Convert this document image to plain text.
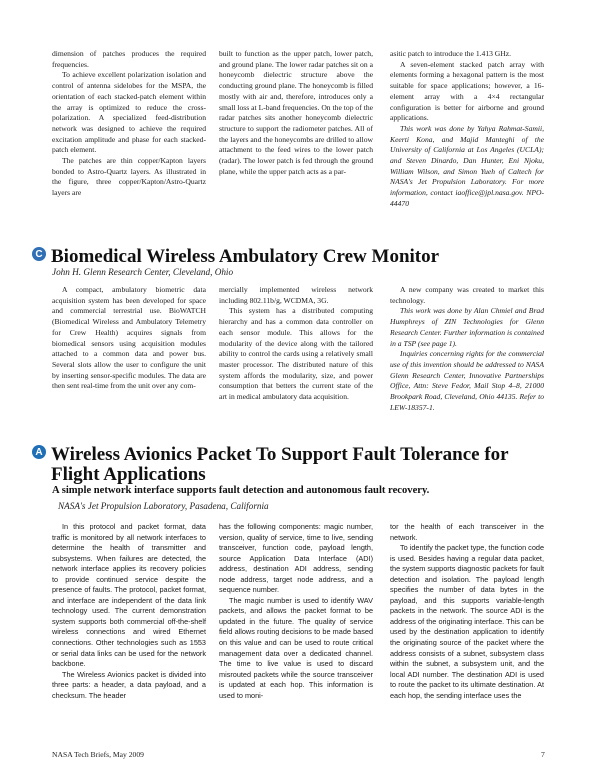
dimension of patches produces the required frequencies.

To achieve excellent polarization isolation and control of antenna sidelobes for the MSPA, the orientation of each stacked-patch element within the array is optimized to reduce the cross-polarization. A specialized feed-distribution network was designed to achieve the required excitation amplitude and phase for each stacked-patch element.

The patches are thin copper/Kapton layers bonded to Astro-Quartz layers. As illustrated in the figure, three copper/Kapton/Astro-Quartz layers are

built to function as the upper patch, lower patch, and ground plane. The lower radar patches sit on a honeycomb dielectric structure above the conducting ground plane. The honeycomb is filled mostly with air and, therefore, introduces only a small loss at L-band frequencies. On the top of the radar patches sits another honeycomb dielectric structure to support the radiometer patches. All of the layers and the honeycombs are drilled to allow attachment to the feed wires to the lower patch (radar). The lower patch is fed through the ground plane, while the upper patch acts as a par-

asitic patch to introduce the 1.413 GHz.

A seven-element stacked patch array with elements forming a hexagonal pattern is the most suitable for space applications; however, a 16-element array with a 4×4 rectangular configuration is better for airborne and ground applications.

This work was done by Yahya Rahmat-Samii, Keerti Kona, and Majid Manteghi of the University of California at Los Angeles (UCLA); and Steven Dinardo, Dan Hunter, Eni Njoku, William Wilson, and Simon Yueh of Caltech for NASA's Jet Propulsion Laboratory. For more information, contact iaoffice@jpl.nasa.gov. NPO-44470

C Biomedical Wireless Ambulatory Crew Monitor
John H. Glenn Research Center, Cleveland, Ohio

A compact, ambulatory biometric data acquisition system has been developed for space and commercial terrestrial use. BioWATCH (Biomedical Wireless and Ambulatory Telemetry for Crew Health) acquires signals from biomedical sensors using acquisition modules attached to a common data and power bus. Several slots allow the user to configure the unit by inserting sensor-specific modules. The data are then sent real-time from the unit over any com-

mercially implemented wireless network including 802.11b/g, WCDMA, 3G.

This system has a distributed computing hierarchy and has a common data controller on each sensor module. This allows for the modularity of the device along with the tailored ability to control the cards using a relatively small master processor. The distributed nature of this system affords the modularity, size, and power consumption that betters the current state of the art in medical ambulatory data acquisition.

A new company was created to market this technology.

This work was done by Alan Chmiel and Brad Humphreys of ZIN Technologies for Glenn Research Center. Further information is contained in a TSP (see page 1).

Inquiries concerning rights for the commercial use of this invention should be addressed to NASA Glenn Research Center, Innovative Partnerships Office, Attn: Steve Fedor, Mail Stop 4–8, 21000 Brookpark Road, Cleveland, Ohio 44135. Refer to LEW-18357-1.

A Wireless Avionics Packet To Support Fault Tolerance for Flight Applications
A simple network interface supports fault detection and autonomous fault recovery.
NASA's Jet Propulsion Laboratory, Pasadena, California

In this protocol and packet format, data traffic is monitored by all network interfaces to determine the health of transmitter and subsystems. When failures are detected, the network interface applies its recovery policies to provide continued service despite the presence of faults. The protocol, packet format, and interface are independent of the data link technology used. The current demonstration system supports both commercial off-the-shelf wireless connections and wired Ethernet connections. Other technologies such as 1553 or serial data links can be used for the network backbone.

The Wireless Avionics packet is divided into three parts: a header, a data payload, and a checksum. The header

has the following components: magic number, version, quality of service, time to live, sending transceiver, function code, payload length, source Application Data Interface (ADI) address, destination ADI address, sending node address, target node address, and a sequence number.

The magic number is used to identify WAV packets, and allows the packet format to be updated in the future. The quality of service field allows routing decisions to be made based on this value and can be used to route critical management data over a dedicated channel. The time to live value is used to discard misrouted packets while the source transceiver is updated at each hop. This information is used to moni-

tor the health of each transceiver in the network.

To identify the packet type, the function code is used. Besides having a regular data packet, the system supports diagnostic packets for fault detection and isolation. The payload length specifies the number of data bytes in the payload, and this supports variable-length packets in the network. The source ADI is the address of the originating interface. This can be used by the destination application to identify the originating source of the packet where the address consists of a subnet, subsystem class within the subnet, a subsystem unit, and the local ADI number. The destination ADI is used to route the packet to its ultimate destination. At each hop, the sending interface uses the

NASA Tech Briefs, May 2009	7
